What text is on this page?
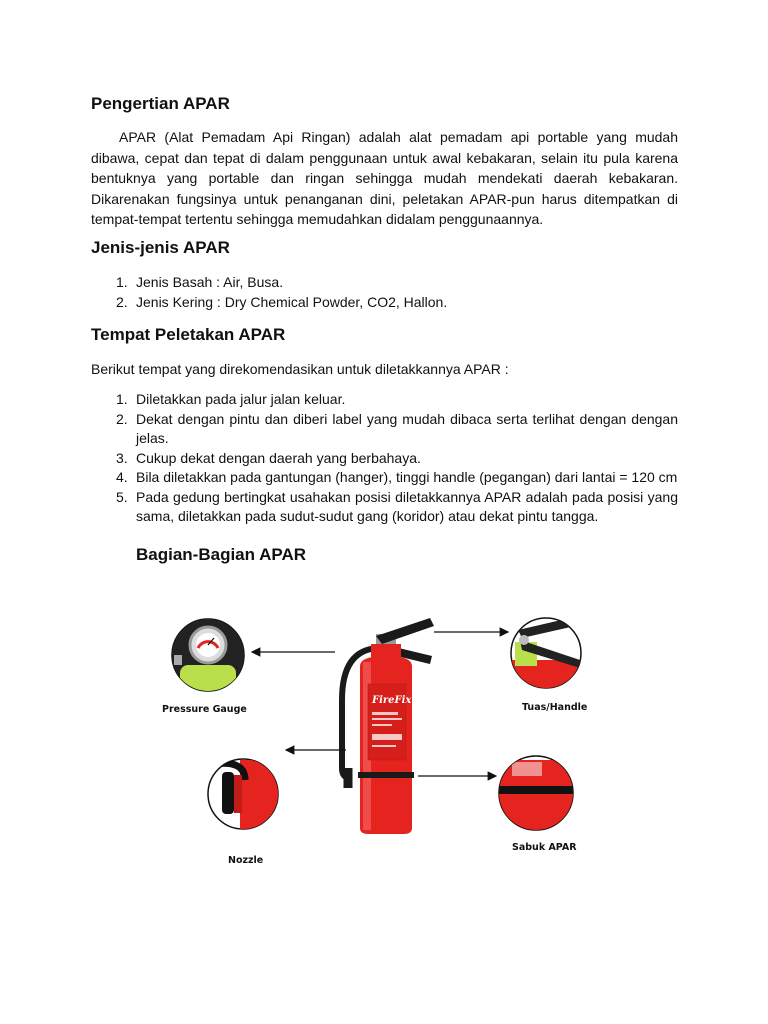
Pengertian APAR

APAR (Alat Pemadam Api Ringan) adalah alat pemadam api portable yang mudah dibawa, cepat dan tepat di dalam penggunaan untuk awal kebakaran, selain itu pula karena bentuknya yang portable dan ringan sehingga mudah mendekati daerah kebakaran. Dikarenakan fungsinya untuk penanganan dini, peletakan APAR-pun harus ditempatkan di tempat-tempat tertentu sehingga memudahkan didalam penggunaannya.

Jenis-jenis APAR
1. Jenis Basah : Air, Busa.
2. Jenis Kering : Dry Chemical Powder, CO2, Hallon.
Tempat Peletakan APAR

Berikut tempat yang direkomendasikan untuk diletakkannya APAR :

1. Diletakkan pada jalur jalan keluar.
2. Dekat dengan pintu dan diberi label yang mudah dibaca serta terlihat dengan dengan jelas.
3. Cukup dekat dengan daerah yang berbahaya.
4. Bila diletakkan pada gantungan (hanger), tinggi handle (pegangan) dari lantai = 120 cm
5. Pada gedung bertingkat usahakan posisi diletakkannya APAR adalah pada posisi yang sama, diletakkan pada sudut-sudut gang (koridor) atau dekat pintu tangga.
Bagian-Bagian APAR
FireFix
Pressure Gauge	Tuas/Handle
Nozzle
Sabuk APAR
